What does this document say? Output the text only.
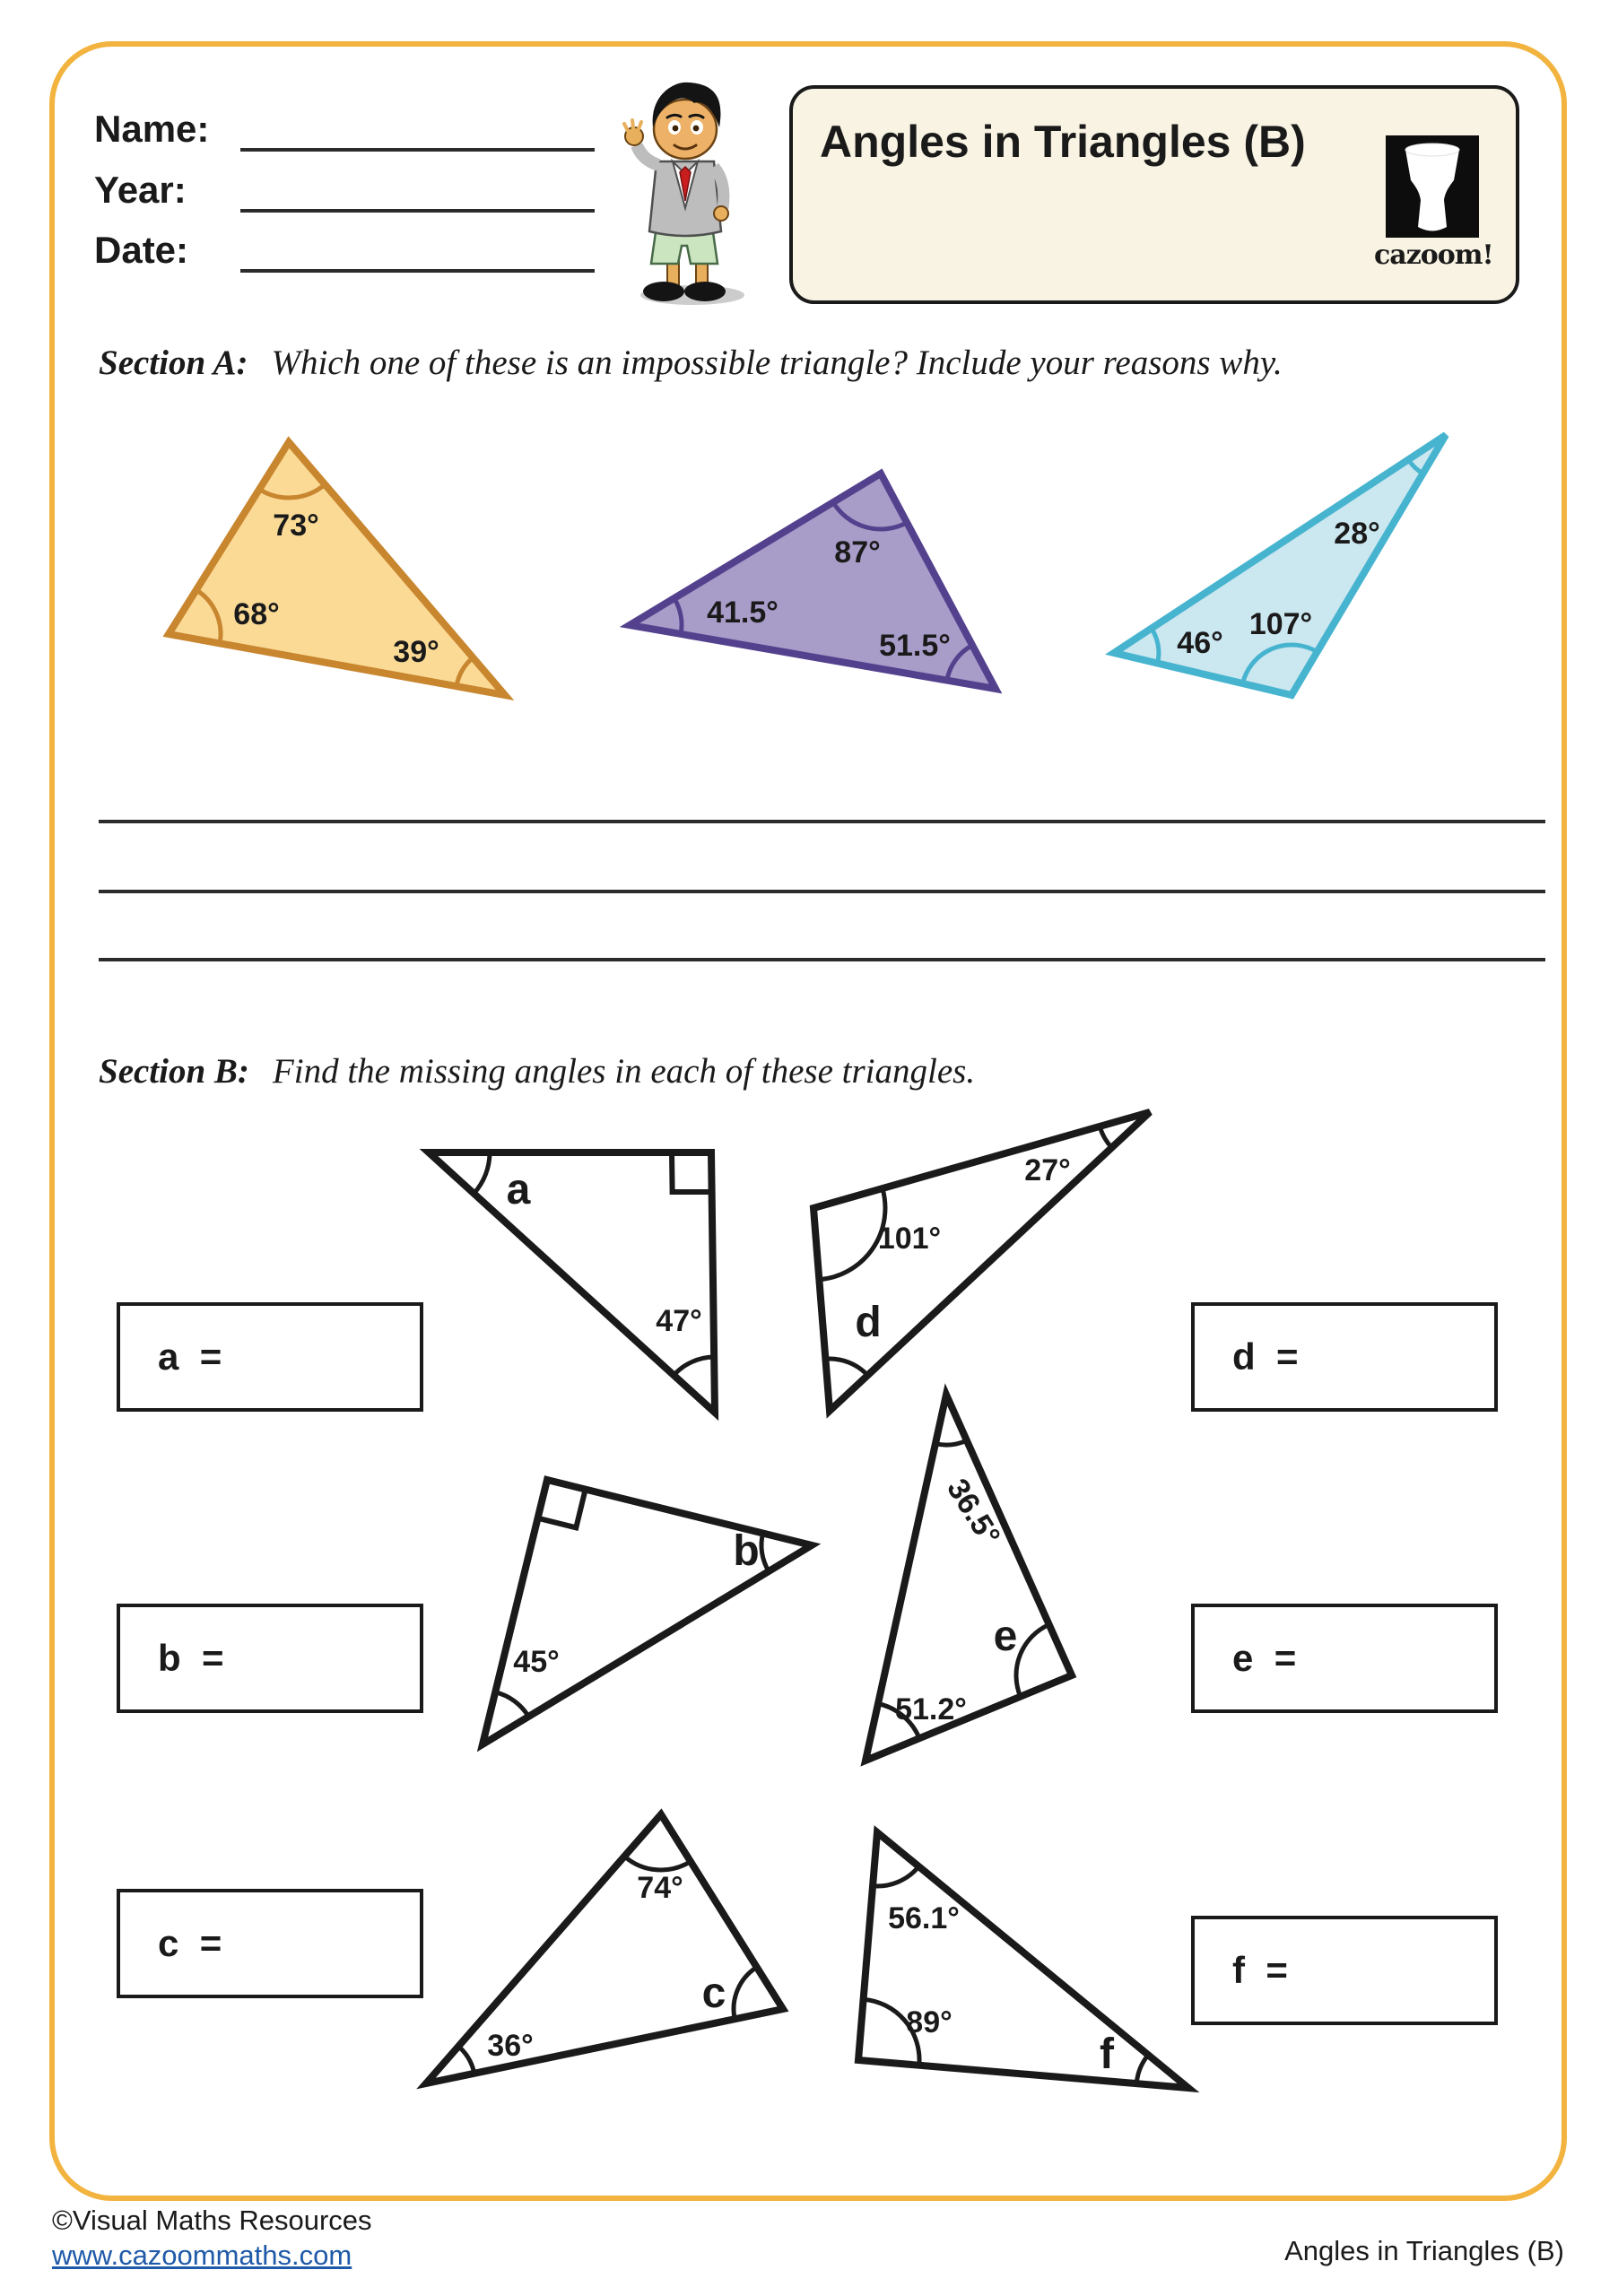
Name:
Year:
Date:
Angles in Triangles (B)
cazoom!
Section A: Which one of these is an impossible triangle? Include your reasons why.
Section B: Find the missing angles in each of these triangles.
73°
68°
39°
87°
41.5°
51.5°
28°
46°
107°
a
47°
101°
27°
d
b
45°
36.5°
e
51.2°
74°
36°
c
56.1°
89°
f
a  =
b  =
c  =
d  =
e  =
f  =
©Visual Maths Resources
www.cazoommaths.com	Angles in Triangles (B)
